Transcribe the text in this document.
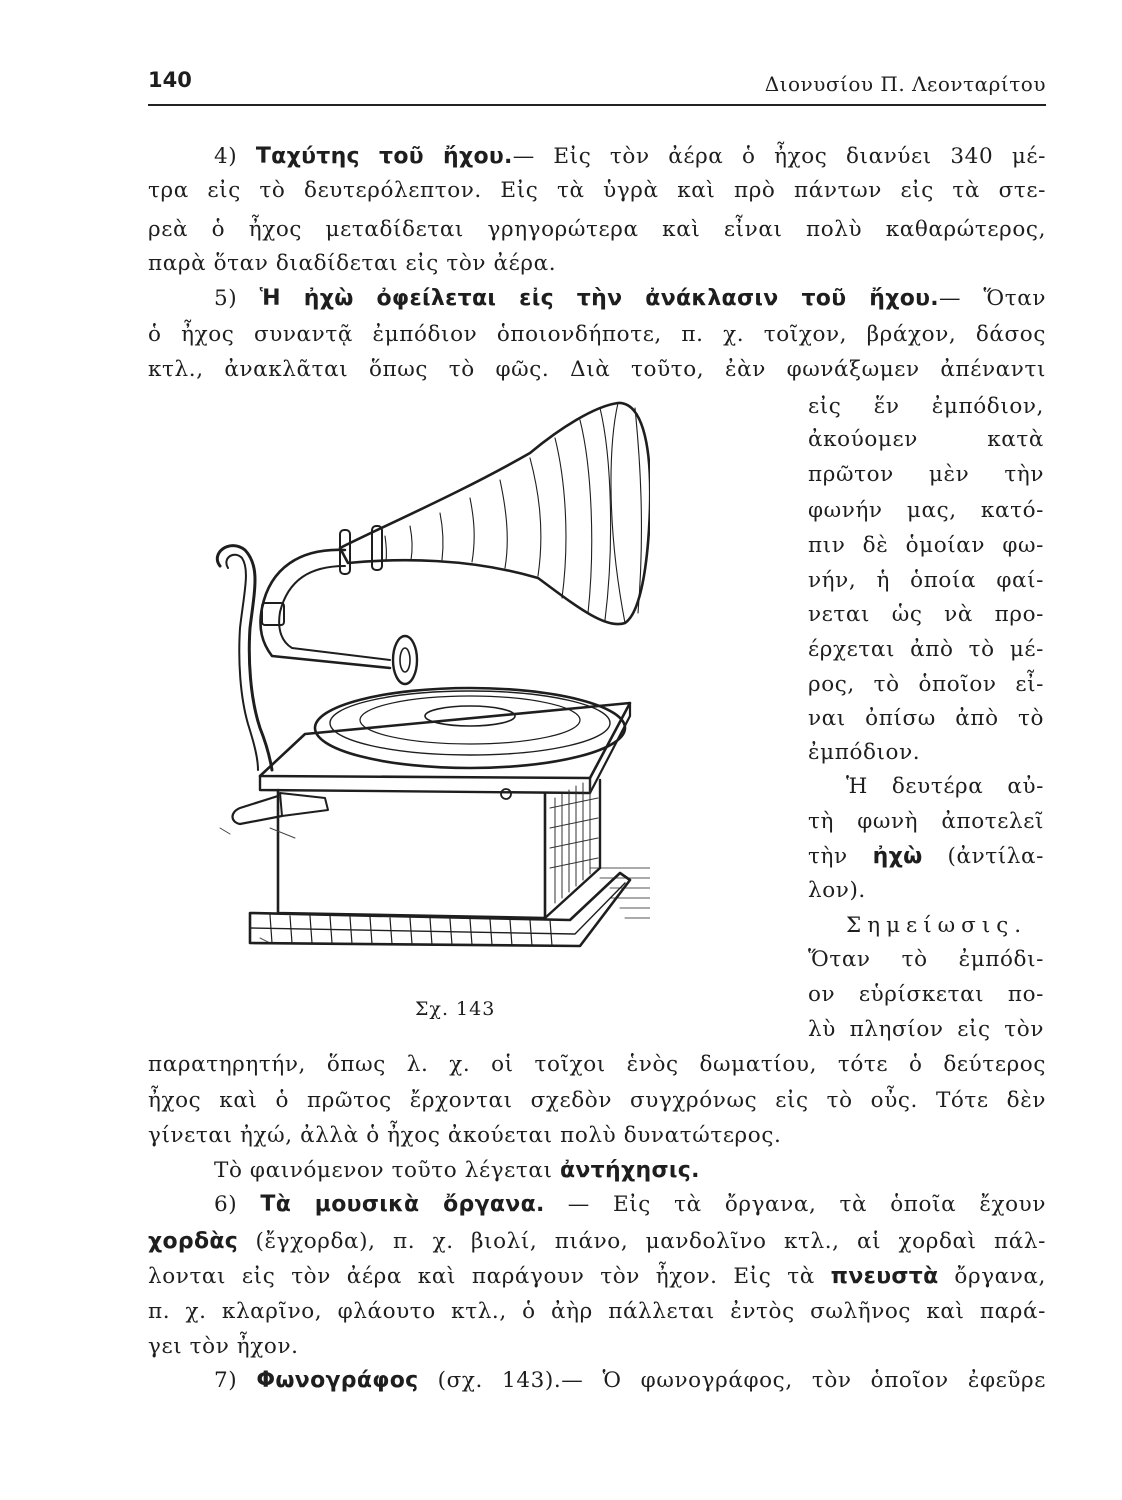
140	Διονυσίου Π. Λεονταρίτου
4) Ταχύτης τοῦ ἤχου.— Εἰς τὸν ἀέρα ὁ ἦχος διανύει 340 μέ-
τρα εἰς τὸ δευτερόλεπτον. Εἰς τὰ ὑγρὰ καὶ πρὸ πάντων εἰς τὰ στε-
ρεὰ ὁ ἦχος μεταδίδεται γρηγορώτερα καὶ εἶναι πολὺ καθαρώτερος,
παρὰ ὅταν διαδίδεται εἰς τὸν ἀέρα.
5) Ἡ ἠχὼ ὀφείλεται εἰς τὴν ἀνάκλασιν τοῦ ἤχου.— Ὅταν
ὁ ἦχος συναντᾷ ἐμπόδιον ὁποιονδήποτε, π. χ. τοῖχον, βράχον, δάσος
κτλ., ἀνακλᾶται ὅπως τὸ φῶς. Διὰ τοῦτο, ἐὰν φωνάξωμεν ἀπέναντι
εἰς ἕν ἐμπόδιον,
ἀκούομεν κατὰ
πρῶτον μὲν τὴν
φωνήν μας, κατό-
πιν δὲ ὁμοίαν φω-
νήν, ἡ ὁποία φαί-
νεται ὡς νὰ προ-
έρχεται ἀπὸ τὸ μέ-
ρος, τὸ ὁποῖον εἶ-
ναι ὀπίσω ἀπὸ τὸ
ἐμπόδιον.
Ἡ δευτέρα αὐ-
τὴ φωνὴ ἀποτελεῖ
τὴν ἠχὼ (ἀντίλα-
λον).
Σημείωσις.
Ὅταν τὸ ἐμπόδι-
ον εὑρίσκεται πο-
λὺ πλησίον εἰς τὸν
Σχ. 143
παρατηρητήν, ὅπως λ. χ. οἱ τοῖχοι ἑνὸς δωματίου, τότε ὁ δεύτερος
ἦχος καὶ ὁ πρῶτος ἔρχονται σχεδὸν συγχρόνως εἰς τὸ οὖς. Τότε δὲν
γίνεται ἠχώ, ἀλλὰ ὁ ἦχος ἀκούεται πολὺ δυνατώτερος.
Τὸ φαινόμενον τοῦτο λέγεται ἀντήχησις.
6) Τὰ μουσικὰ ὄργανα. — Εἰς τὰ ὄργανα, τὰ ὁποῖα ἔχουν
χορδὰς (ἔγχορδα), π. χ. βιολί, πιάνο, μανδολῖνο κτλ., αἱ χορδαὶ πάλ-
λονται εἰς τὸν ἀέρα καὶ παράγουν τὸν ἦχον. Εἰς τὰ πνευστὰ ὄργανα,
π. χ. κλαρῖνο, φλάουτο κτλ., ὁ ἀὴρ πάλλεται ἐντὸς σωλῆνος καὶ παρά-
γει τὸν ἦχον.
7) Φωνογράφος (σχ. 143).— Ὁ φωνογράφος, τὸν ὁποῖον ἐφεῦρε
